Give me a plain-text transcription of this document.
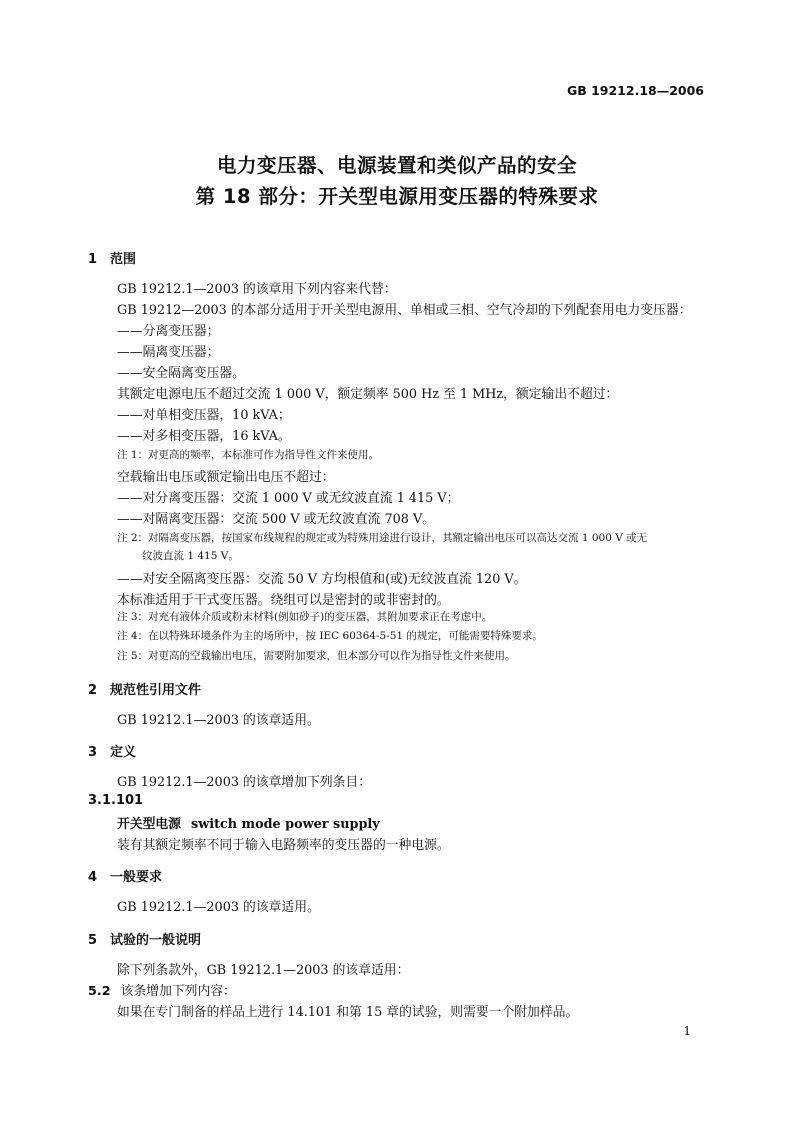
GB 19212.18—2006
电力变压器、电源装置和类似产品的安全
第 18 部分：开关型电源用变压器的特殊要求
1 范围
GB 19212.1—2003 的该章用下列内容来代替：
GB 19212—2003 的本部分适用于开关型电源用、单相或三相、空气冷却的下列配套用电力变压器：
——分离变压器；
——隔离变压器；
——安全隔离变压器。
其额定电源电压不超过交流 1 000 V，额定频率 500 Hz 至 1 MHz，额定输出不超过：
——对单相变压器，10 kVA；
——对多相变压器，16 kVA。
注 1：对更高的频率，本标准可作为指导性文件来使用。
空载输出电压或额定输出电压不超过：
——对分离变压器：交流 1 000 V 或无纹波直流 1 415 V；
——对隔离变压器：交流 500 V 或无纹波直流 708 V。
注 2：对隔离变压器，按国家布线规程的规定或为特殊用途进行设计，其额定输出电压可以高达交流 1 000 V 或无
纹波直流 1 415 V。
——对安全隔离变压器：交流 50 V 方均根值和(或)无纹波直流 120 V。
本标准适用于干式变压器。绕组可以是密封的或非密封的。
注 3：对充有液体介质或粉末材料(例如砂子)的变压器，其附加要求正在考虑中。
注 4：在以特殊环境条件为主的场所中，按 IEC 60364-5-51 的规定，可能需要特殊要求。
注 5：对更高的空载输出电压，需要附加要求，但本部分可以作为指导性文件来使用。
2 规范性引用文件
GB 19212.1—2003 的该章适用。
3 定义
GB 19212.1—2003 的该章增加下列条目：
3.1.101
开关型电源 switch mode power supply
装有其额定频率不同于输入电路频率的变压器的一种电源。
4 一般要求
GB 19212.1—2003 的该章适用。
5 试验的一般说明
除下列条款外，GB 19212.1—2003 的该章适用：
5.2 该条增加下列内容：
如果在专门制备的样品上进行 14.101 和第 15 章的试验，则需要一个附加样品。
1
